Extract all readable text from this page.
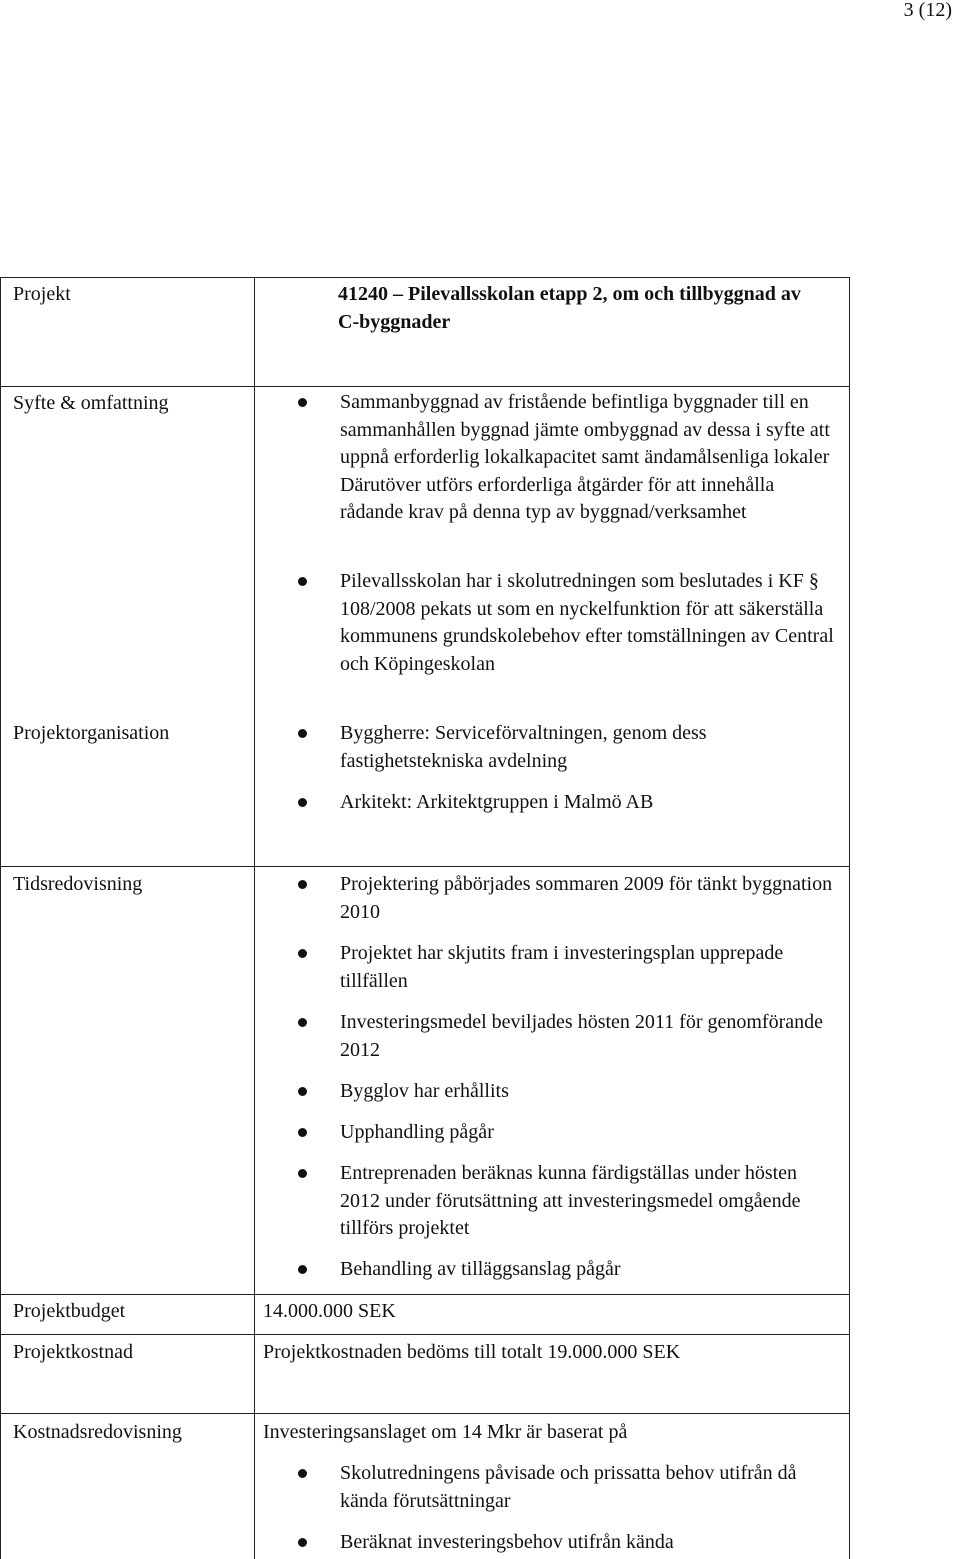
3 (12)
Projekt	41240 – Pilevallsskolan etapp 2, om och tillbyggnad av C-byggnader
Syfte & omfattning	Sammanbyggnad av fristående befintliga byggnader till en sammanhållen byggnad jämte ombyggnad av dessa i syfte att uppnå erforderlig lokalkapacitet samt ändamålsenliga lokaler Därutöver utförs erforderliga åtgärder för att innehålla rådande krav på denna typ av byggnad/verksamhet
Pilevallsskolan har i skolutredningen som beslutades i KF § 108/2008 pekats ut som en nyckelfunktion för att säkerställa kommunens grundskolebehov efter tomställningen av Central och Köpingeskolan
Projektorganisation	Byggherre: Serviceförvaltningen, genom dess fastighetstekniska avdelning
Arkitekt: Arkitektgruppen i Malmö AB
Tidsredovisning	Projektering påbörjades sommaren 2009 för tänkt byggnation 2010
Projektet har skjutits fram i investeringsplan upprepade tillfällen
Investeringsmedel beviljades hösten 2011 för genomförande 2012
Bygglov har erhållits
Upphandling pågår
Entreprenaden beräknas kunna färdigställas under hösten 2012 under förutsättning att investeringsmedel omgående tillförs projektet
Behandling av tilläggsanslag pågår
Projektbudget	14.000.000 SEK
Projektkostnad	Projektkostnaden bedöms till totalt 19.000.000 SEK
Kostnadsredovisning	Investeringsanslaget om 14 Mkr är baserat på
Skolutredningens påvisade och prissatta behov utifrån då kända förutsättningar
Beräknat investeringsbehov utifrån kända
